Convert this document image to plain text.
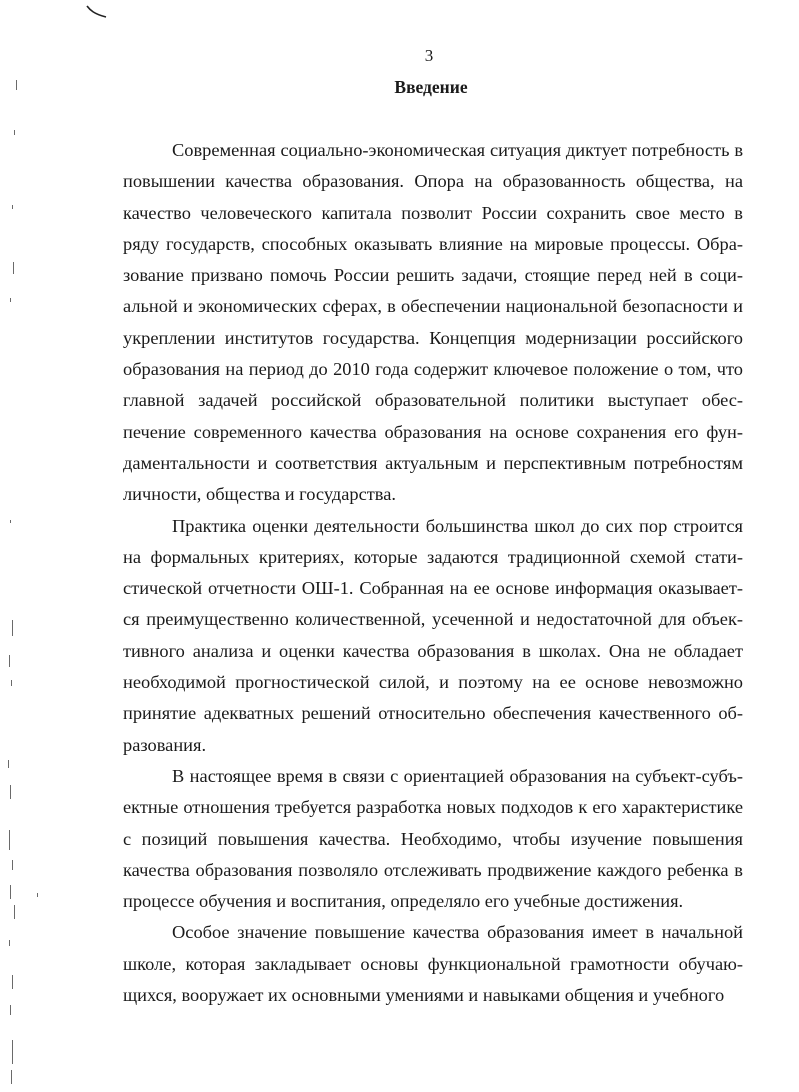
3
Введение

Современная социально-экономическая ситуация диктует потребность в повышении качества образования. Опора на образованность общества, на качество человеческого капитала позволит России сохранить свое место в ряду государств, способных оказывать влияние на мировые процессы. Образование призвано помочь России решить задачи, стоящие перед ней в социальной и экономических сферах, в обеспечении национальной безопасности и укреплении институтов государства. Концепция модернизации российского образования на период до 2010 года содержит ключевое положение о том, что главной задачей российской образовательной политики выступает обеспечение современного качества образования на основе сохранения его фундаментальности и соответствия актуальным и перспективным потребностям личности, общества и государства.

Практика оценки деятельности большинства школ до сих пор строится на формальных критериях, которые задаются традиционной схемой статистической отчетности ОШ-1. Собранная на ее основе информация оказывается преимущественно количественной, усеченной и недостаточной для объективного анализа и оценки качества образования в школах. Она не обладает необходимой прогностической силой, и поэтому на ее основе невозможно принятие адекватных решений относительно обеспечения качественного образования.

В настоящее время в связи с ориентацией образования на субъект-субъектные отношения требуется разработка новых подходов к его характеристике с позиций повышения качества. Необходимо, чтобы изучение повышения качества образования позволяло отслеживать продвижение каждого ребенка в процессе обучения и воспитания, определяло его учебные достижения.

Особое значение повышение качества образования имеет в начальной школе, которая закладывает основы функциональной грамотности обучающихся, вооружает их основными умениями и навыками общения и учебного
